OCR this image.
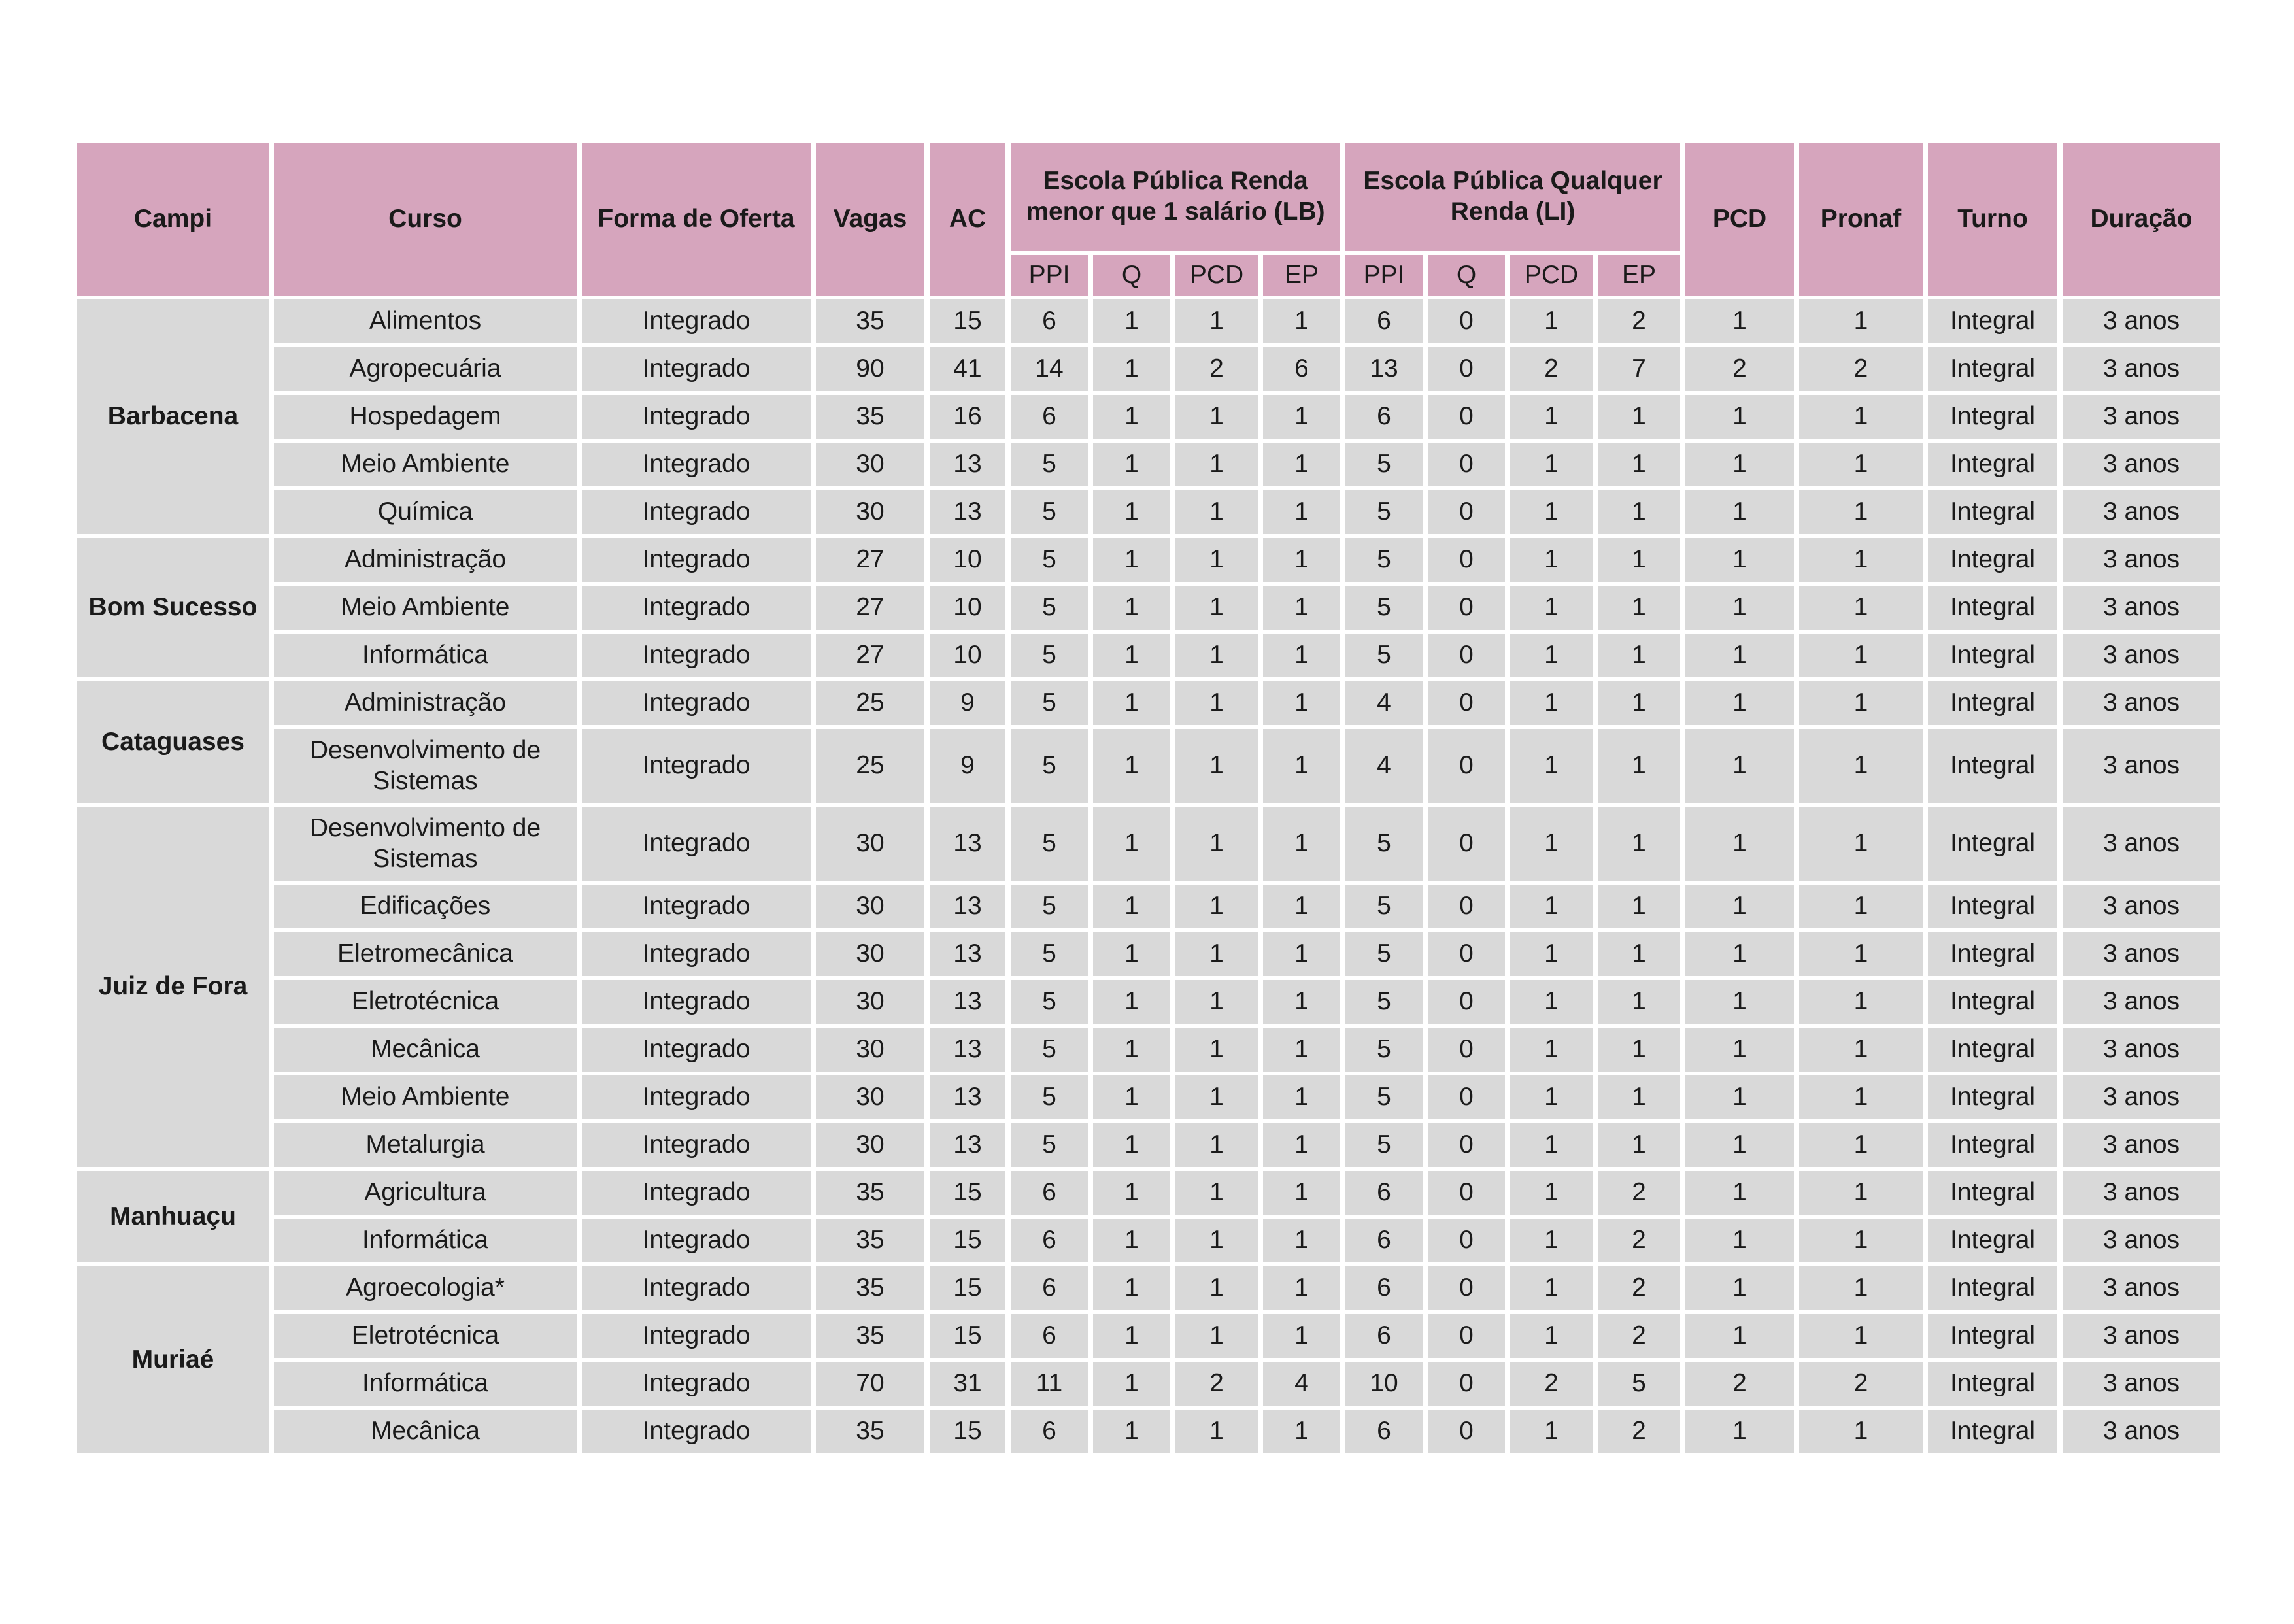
Campi	Curso	Forma de Oferta	Vagas	AC	Escola Pública Renda menor que 1 salário (LB)				Escola Pública Qualquer Renda (LI)				PCD	Pronaf	Turno	Duração
					PPI	Q	PCD	EP	PPI	Q	PCD	EP				
Barbacena	Alimentos	Integrado	35	15	6	1	1	1	6	0	1	2	1	1	Integral	3 anos
	Agropecuária	Integrado	90	41	14	1	2	6	13	0	2	7	2	2	Integral	3 anos
	Hospedagem	Integrado	35	16	6	1	1	1	6	0	1	1	1	1	Integral	3 anos
	Meio Ambiente	Integrado	30	13	5	1	1	1	5	0	1	1	1	1	Integral	3 anos
	Química	Integrado	30	13	5	1	1	1	5	0	1	1	1	1	Integral	3 anos
Bom Sucesso	Administração	Integrado	27	10	5	1	1	1	5	0	1	1	1	1	Integral	3 anos
	Meio Ambiente	Integrado	27	10	5	1	1	1	5	0	1	1	1	1	Integral	3 anos
	Informática	Integrado	27	10	5	1	1	1	5	0	1	1	1	1	Integral	3 anos
Cataguases	Administração	Integrado	25	9	5	1	1	1	4	0	1	1	1	1	Integral	3 anos
	Desenvolvimento de Sistemas	Integrado	25	9	5	1	1	1	4	0	1	1	1	1	Integral	3 anos
Juiz de Fora	Desenvolvimento de Sistemas	Integrado	30	13	5	1	1	1	5	0	1	1	1	1	Integral	3 anos
	Edificações	Integrado	30	13	5	1	1	1	5	0	1	1	1	1	Integral	3 anos
	Eletromecânica	Integrado	30	13	5	1	1	1	5	0	1	1	1	1	Integral	3 anos
	Eletrotécnica	Integrado	30	13	5	1	1	1	5	0	1	1	1	1	Integral	3 anos
	Mecânica	Integrado	30	13	5	1	1	1	5	0	1	1	1	1	Integral	3 anos
	Meio Ambiente	Integrado	30	13	5	1	1	1	5	0	1	1	1	1	Integral	3 anos
	Metalurgia	Integrado	30	13	5	1	1	1	5	0	1	1	1	1	Integral	3 anos
Manhuaçu	Agricultura	Integrado	35	15	6	1	1	1	6	0	1	2	1	1	Integral	3 anos
	Informática	Integrado	35	15	6	1	1	1	6	0	1	2	1	1	Integral	3 anos
Muriaé	Agroecologia*	Integrado	35	15	6	1	1	1	6	0	1	2	1	1	Integral	3 anos
	Eletrotécnica	Integrado	35	15	6	1	1	1	6	0	1	2	1	1	Integral	3 anos
	Informática	Integrado	70	31	11	1	2	4	10	0	2	5	2	2	Integral	3 anos
	Mecânica	Integrado	35	15	6	1	1	1	6	0	1	2	1	1	Integral	3 anos
